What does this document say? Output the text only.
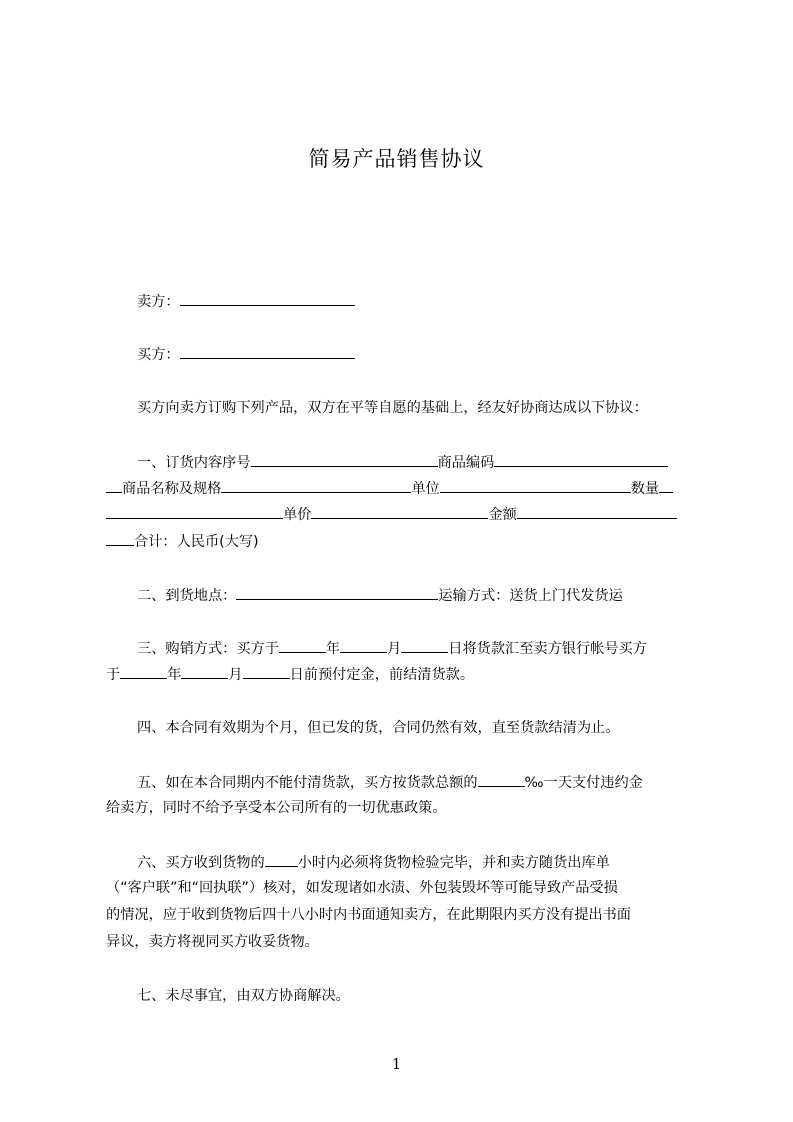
简易产品销售协议
卖方：
买方：
买方向卖方订购下列产品，双方在平等自愿的基础上，经友好协商达成以下协议：
一、订货内容序号	商品编码
商品名称及规格	单位	数量
单价	金额
合计：人民币(大写)
二、到货地点：	运输方式：送货上门代发货运
三、购销方式：买方于	年	月	日将货款汇至卖方银行帐号买方
于	年	月	日前预付定金，前结清货款。
四、本合同有效期为个月，但已发的货，合同仍然有效，直至货款结清为止。
五、如在本合同期内不能付清货款，买方按货款总额的	‰一天支付违约金
给卖方，同时不给予享受本公司所有的一切优惠政策。
六、买方收到货物的 小时内必须将货物检验完毕，并和卖方随货出库单
（“客户联”和“回执联”）核对，如发现诸如水渍、外包装毁坏等可能导致产品受损
的情况，应于收到货物后四十八小时内书面通知卖方，在此期限内买方没有提出书面
异议，卖方将视同买方收妥货物。
七、未尽事宜，由双方协商解决。
1
